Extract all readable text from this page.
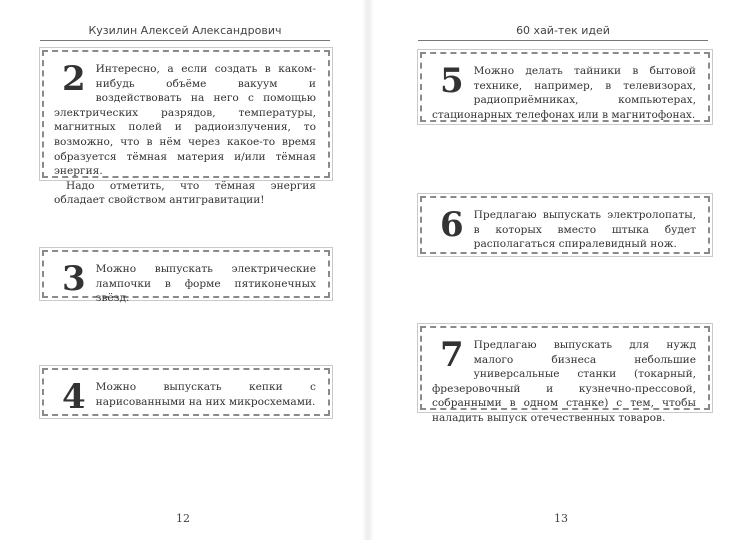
Кузилин Алексей Александрович
2 Интересно, а если создать в каком-нибудь объёме вакуум и воздействовать на него с помощью электрических разрядов, температуры, магнитных полей и радиоизлучения, то возможно, что в нём через какое-то время образуется тёмная материя и/или тёмная энергия.

Надо отметить, что тёмная энергия обладает свойством антигравитации!

3 Можно выпускать электрические лампочки в форме пятиконечных звёзд.

4 Можно выпускать кепки с нарисованными на них микросхемами.

12
60 хай-тек идей
5 Можно делать тайники в бытовой технике, например, в телевизорах, радиоприёмниках, компьютерах, стационарных телефонах или в магнитофонах.

6 Предлагаю выпускать электролопаты, в которых вместо штыка будет располагаться спиралевидный нож.

7 Предлагаю выпускать для нужд малого бизнеса небольшие универсальные станки (токарный, фрезеровочный и кузнечно-прессовой, собранными в одном станке) с тем, чтобы наладить выпуск отечественных товаров.

13
